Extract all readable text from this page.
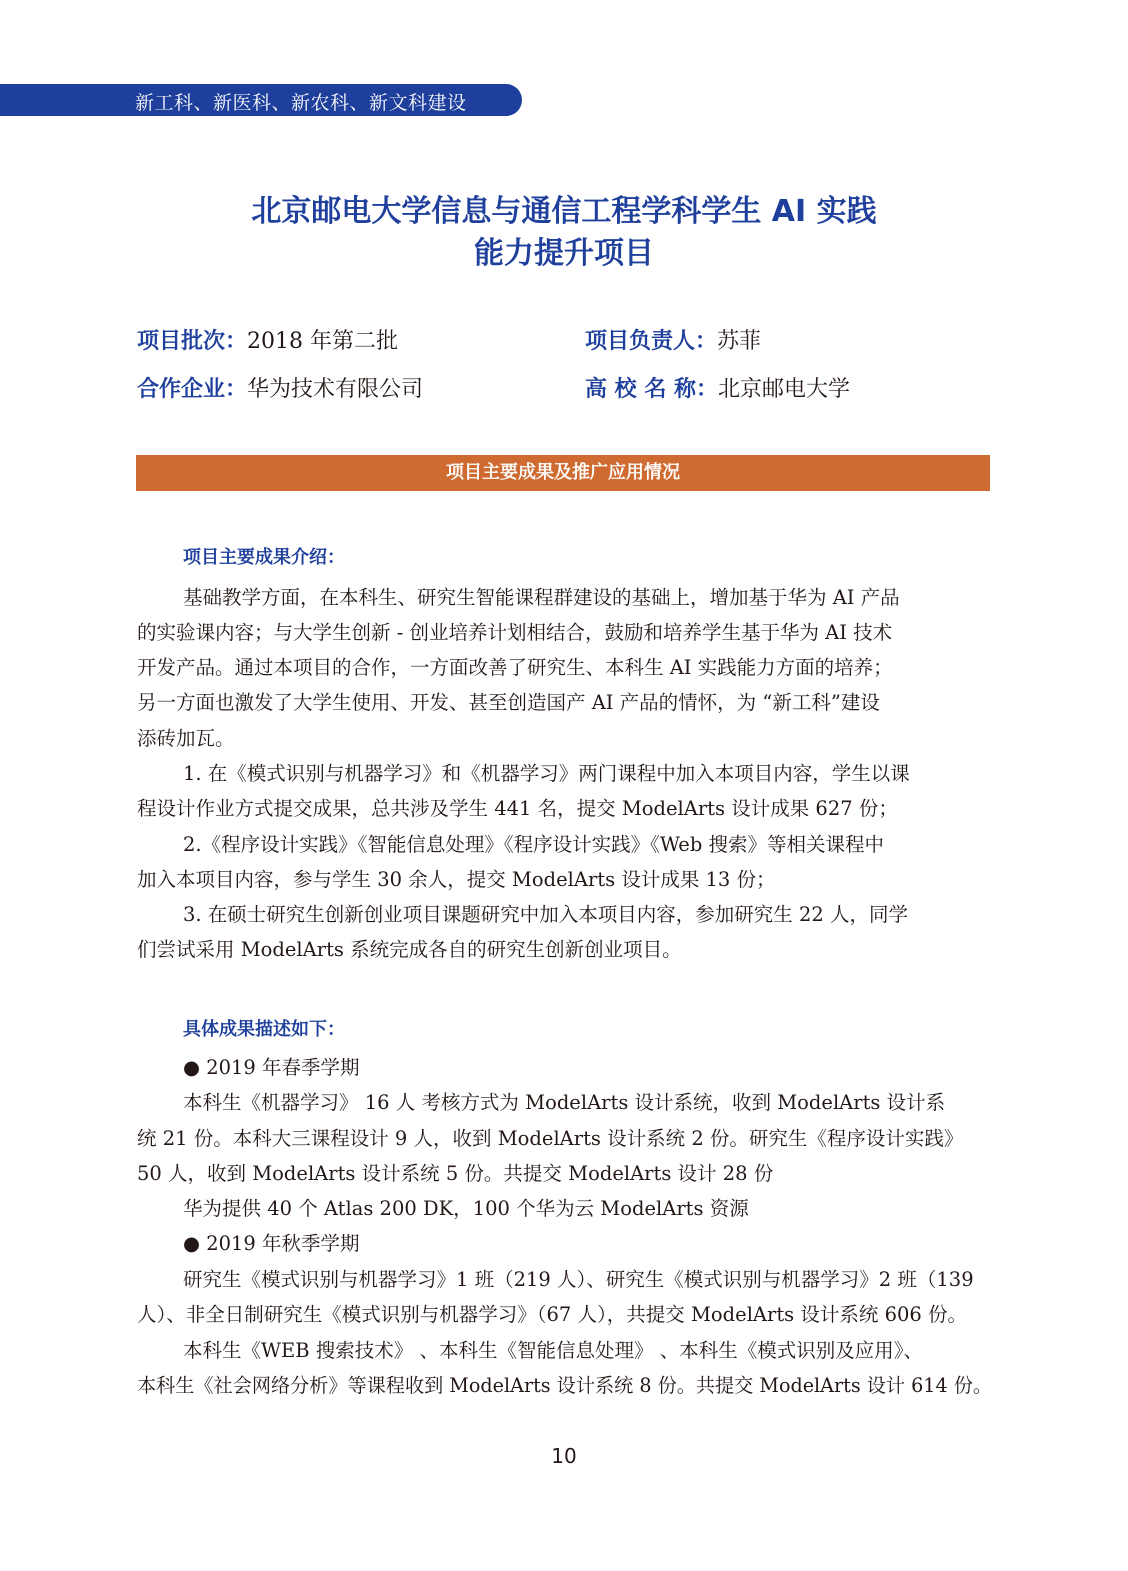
新工科、新医科、新农科、新文科建设
北京邮电大学信息与通信工程学科学生 AI 实践
能力提升项目
项目批次：2018 年第二批	项目负责人：苏菲
合作企业：华为技术有限公司	高 校 名 称：北京邮电大学
项目主要成果及推广应用情况
项目主要成果介绍：
基础教学方面，在本科生、研究生智能课程群建设的基础上，增加基于华为 AI 产品
的实验课内容；与大学生创新 - 创业培养计划相结合，鼓励和培养学生基于华为 AI 技术
开发产品。通过本项目的合作，一方面改善了研究生、本科生 AI 实践能力方面的培养；
另一方面也激发了大学生使用、开发、甚至创造国产 AI 产品的情怀，为 “新工科”建设
添砖加瓦。
1. 在《模式识别与机器学习》和《机器学习》两门课程中加入本项目内容，学生以课
程设计作业方式提交成果，总共涉及学生 441 名，提交 ModelArts 设计成果 627 份；
2.《程序设计实践》《智能信息处理》《程序设计实践》《Web 搜索》等相关课程中
加入本项目内容，参与学生 30 余人，提交 ModelArts 设计成果 13 份；
3. 在硕士研究生创新创业项目课题研究中加入本项目内容，参加研究生 22 人，同学
们尝试采用 ModelArts 系统完成各自的研究生创新创业项目。
具体成果描述如下：
● 2019 年春季学期
本科生《机器学习》 16 人 考核方式为 ModelArts 设计系统，收到 ModelArts 设计系
统 21 份。本科大三课程设计 9 人，收到 ModelArts 设计系统 2 份。研究生《程序设计实践》
50 人，收到 ModelArts 设计系统 5 份。共提交 ModelArts 设计 28 份
华为提供 40 个 Atlas 200 DK，100 个华为云 ModelArts 资源
● 2019 年秋季学期
研究生《模式识别与机器学习》1 班（219 人）、研究生《模式识别与机器学习》2 班（139
人）、非全日制研究生《模式识别与机器学习》（67 人），共提交 ModelArts 设计系统 606 份。
本科生《WEB 搜索技术》 、本科生《智能信息处理》 、本科生《模式识别及应用》、
本科生《社会网络分析》等课程收到 ModelArts 设计系统 8 份。共提交 ModelArts 设计 614 份。
10
